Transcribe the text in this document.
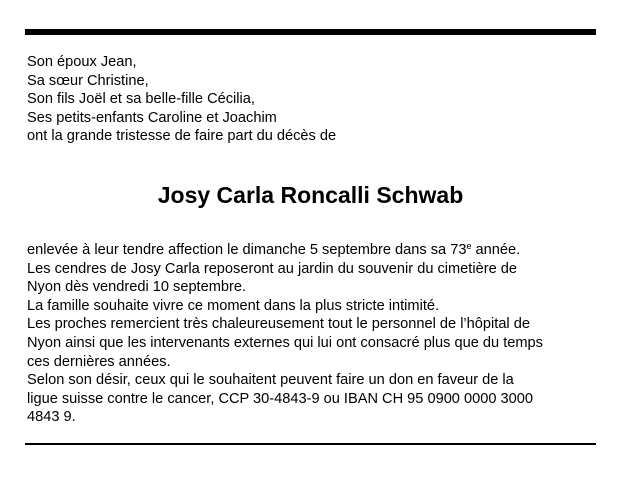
Son époux Jean,
Sa sœur Christine,
Son fils Joël et sa belle-fille Cécilia,
Ses petits-enfants Caroline et Joachim
ont la grande tristesse de faire part du décès de
Josy Carla Roncalli Schwab
enlevée à leur tendre affection le dimanche 5 septembre dans sa 73e année.
Les cendres de Josy Carla reposeront au jardin du souvenir du cimetière de
Nyon dès vendredi 10 septembre.
La famille souhaite vivre ce moment dans la plus stricte intimité.
Les proches remercient très chaleureusement tout le personnel de l’hôpital de
Nyon ainsi que les intervenants externes qui lui ont consacré plus que du temps
ces dernières années.
Selon son désir, ceux qui le souhaitent peuvent faire un don en faveur de la
ligue suisse contre le cancer, CCP 30-4843-9 ou IBAN CH 95 0900 0000 3000
4843 9.
